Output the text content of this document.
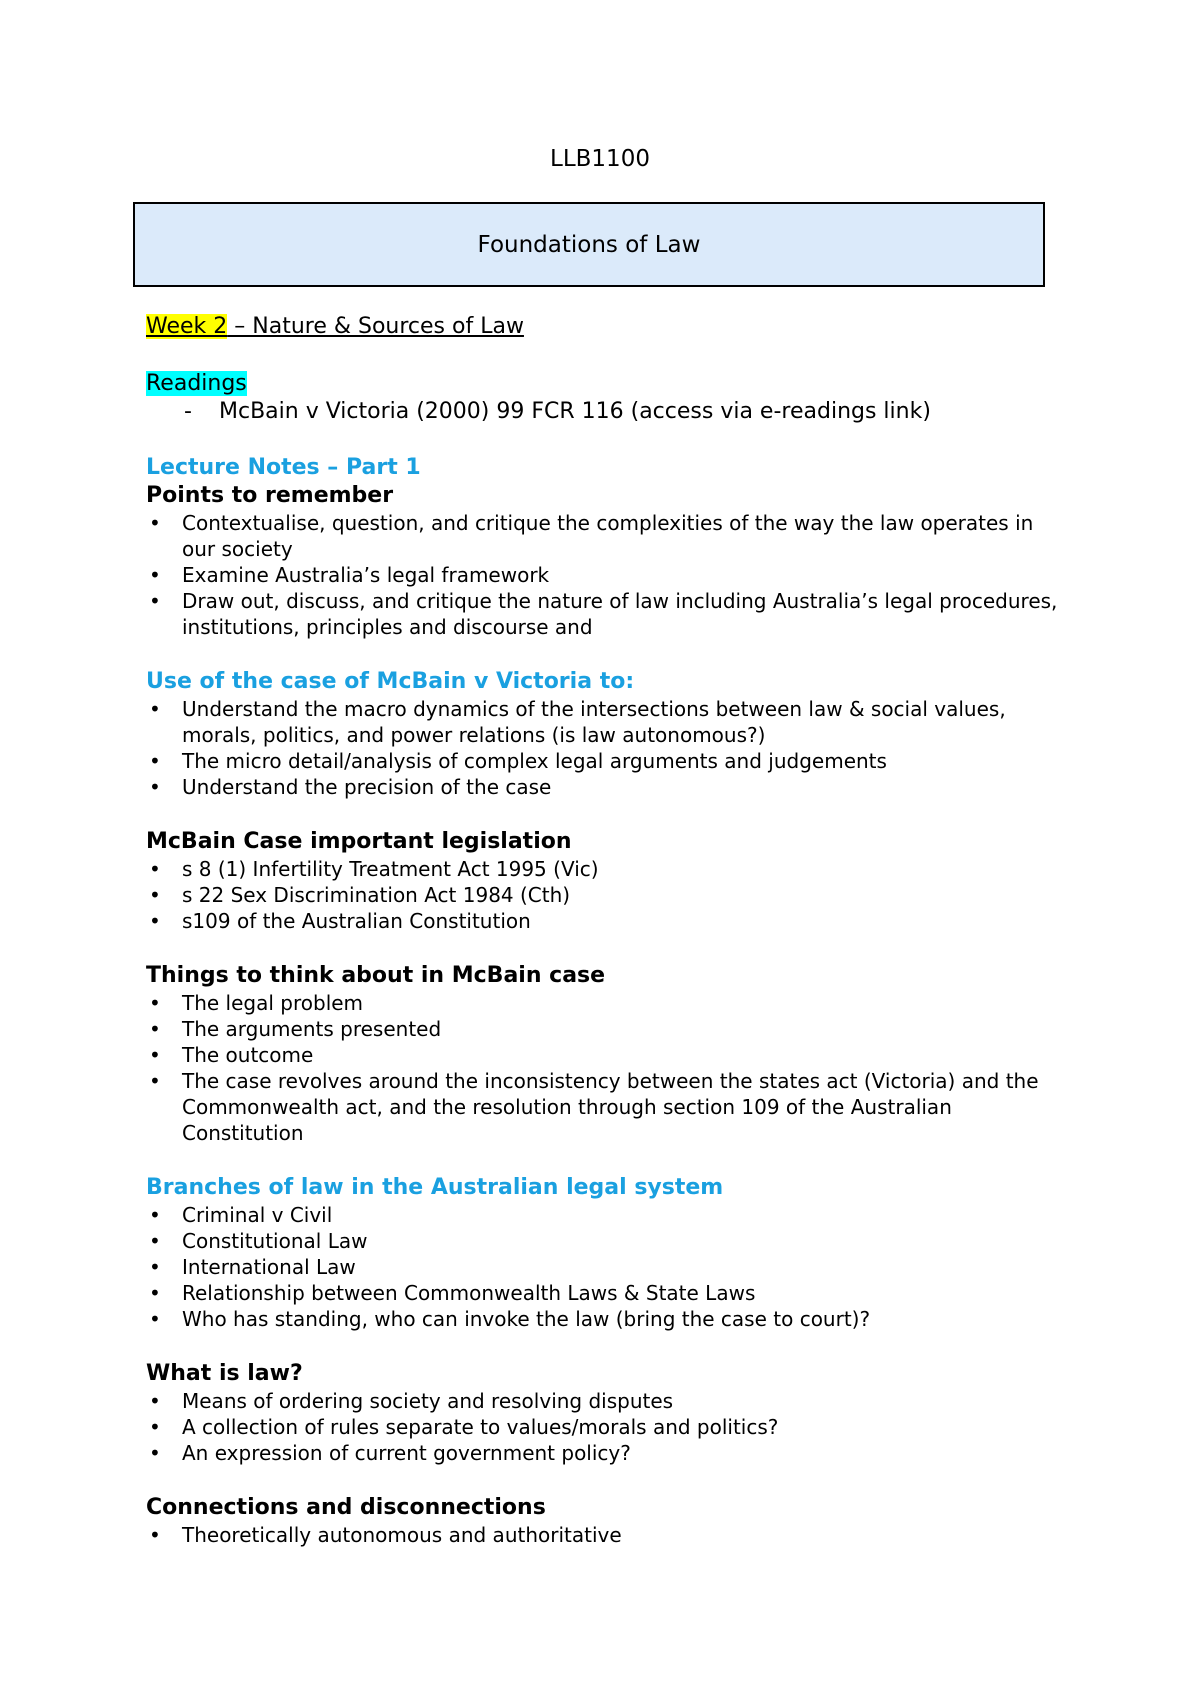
LLB1100
Foundations of Law
Week 2 – Nature & Sources of Law
Readings
- McBain v Victoria (2000) 99 FCR 116 (access via e-readings link)
Lecture Notes – Part 1
Points to remember
• Contextualise, question, and critique the complexities of the way the law operates in our society
• Examine Australia’s legal framework
• Draw out, discuss, and critique the nature of law including Australia’s legal procedures, institutions, principles and discourse and
Use of the case of McBain v Victoria to:
• Understand the macro dynamics of the intersections between law & social values, morals, politics, and power relations (is law autonomous?)
• The micro detail/analysis of complex legal arguments and judgements
• Understand the precision of the case
McBain Case important legislation
• s 8 (1) Infertility Treatment Act 1995 (Vic)
• s 22 Sex Discrimination Act 1984 (Cth)
• s109 of the Australian Constitution
Things to think about in McBain case
• The legal problem
• The arguments presented
• The outcome
• The case revolves around the inconsistency between the states act (Victoria) and the Commonwealth act, and the resolution through section 109 of the Australian Constitution
Branches of law in the Australian legal system
• Criminal v Civil
• Constitutional Law
• International Law
• Relationship between Commonwealth Laws & State Laws
• Who has standing, who can invoke the law (bring the case to court)?
What is law?
• Means of ordering society and resolving disputes
• A collection of rules separate to values/morals and politics?
• An expression of current government policy?
Connections and disconnections
• Theoretically autonomous and authoritative
